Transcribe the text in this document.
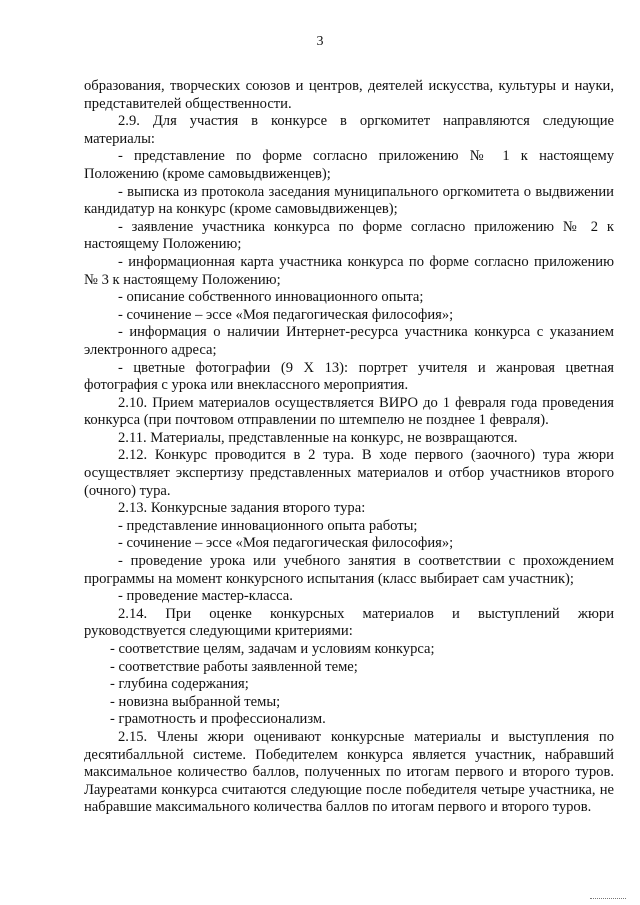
3

образования, творческих союзов и центров, деятелей искусства, культуры и науки, представителей общественности.

2.9. Для участия в конкурсе в оргкомитет направляются следующие материалы:

- представление по форме согласно приложению № 1 к настоящему Положению (кроме самовыдвиженцев);

- выписка из протокола заседания муниципального оргкомитета о выдвижении кандидатур на конкурс (кроме самовыдвиженцев);

- заявление участника конкурса по форме согласно приложению № 2 к настоящему Положению;

- информационная карта участника конкурса по форме согласно приложению № 3 к настоящему Положению;

- описание собственного инновационного опыта;

- сочинение – эссе «Моя педагогическая философия»;

- информация о наличии Интернет-ресурса участника конкурса с указанием электронного адреса;

- цветные фотографии (9 X 13): портрет учителя и жанровая цветная фотография с урока или внеклассного мероприятия.

2.10. Прием материалов осуществляется ВИРО до 1 февраля года проведения конкурса (при почтовом отправлении по штемпелю не позднее 1 февраля).

2.11. Материалы, представленные на конкурс, не возвращаются.

2.12. Конкурс проводится в 2 тура. В ходе первого (заочного) тура жюри осуществляет экспертизу представленных материалов и отбор участников второго (очного) тура.

2.13. Конкурсные задания второго тура:

- представление инновационного опыта работы;

- сочинение – эссе «Моя педагогическая философия»;

- проведение урока или учебного занятия в соответствии с прохождением программы на момент конкурсного испытания (класс выбирает сам участник);

- проведение мастер-класса.

2.14. При оценке конкурсных материалов и выступлений жюри руководствуется следующими критериями:

- соответствие целям, задачам и условиям конкурса;

- соответствие работы заявленной теме;

- глубина содержания;

- новизна выбранной темы;

- грамотность и профессионализм.

2.15. Члены жюри оценивают конкурсные материалы и выступления по десятибалльной системе. Победителем конкурса является участник, набравший максимальное количество баллов, полученных по итогам первого и второго туров. Лауреатами конкурса считаются следующие после победителя четыре участника, не набравшие максимального количества баллов по итогам первого и второго туров.
